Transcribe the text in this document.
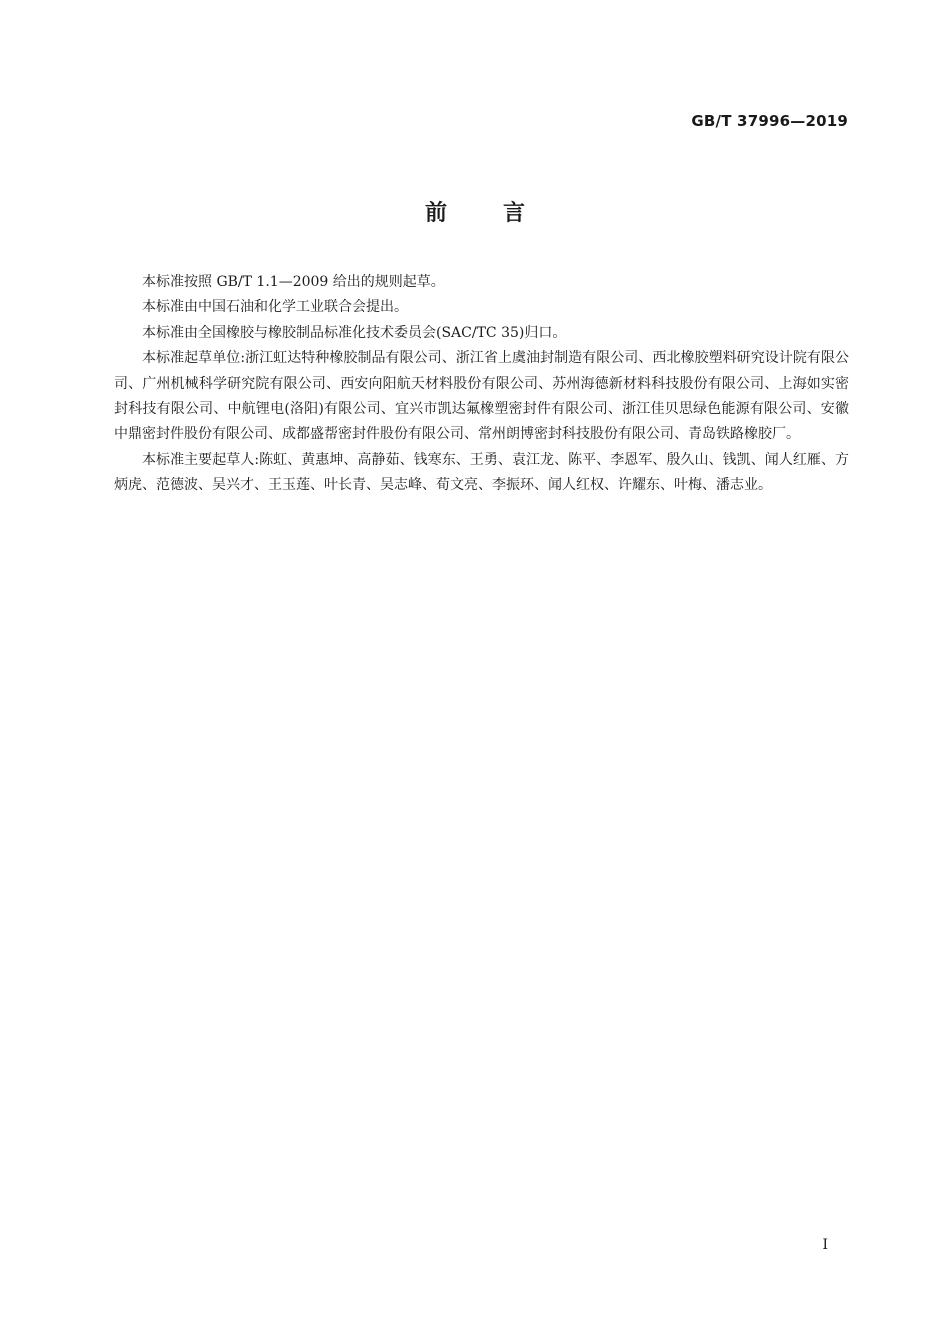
GB/T 37996—2019
前言

本标准按照 GB/T 1.1—2009 给出的规则起草。

本标准由中国石油和化学工业联合会提出。

本标准由全国橡胶与橡胶制品标准化技术委员会(SAC/TC 35)归口。

本标准起草单位:浙江虹达特种橡胶制品有限公司、浙江省上虞油封制造有限公司、西北橡胶塑料研究设计院有限公司、广州机械科学研究院有限公司、西安向阳航天材料股份有限公司、苏州海德新材料科技股份有限公司、上海如实密封科技有限公司、中航锂电(洛阳)有限公司、宜兴市凯达氟橡塑密封件有限公司、浙江佳贝思绿色能源有限公司、安徽中鼎密封件股份有限公司、成都盛帮密封件股份有限公司、常州朗博密封科技股份有限公司、青岛铁路橡胶厂。

本标准主要起草人:陈虹、黄惠坤、高静茹、钱寒东、王勇、袁江龙、陈平、李恩军、殷久山、钱凯、闻人红雁、方炳虎、范德波、吴兴才、王玉莲、叶长青、吴志峰、荀文亮、李振环、闻人红权、许耀东、叶梅、潘志业。

I
